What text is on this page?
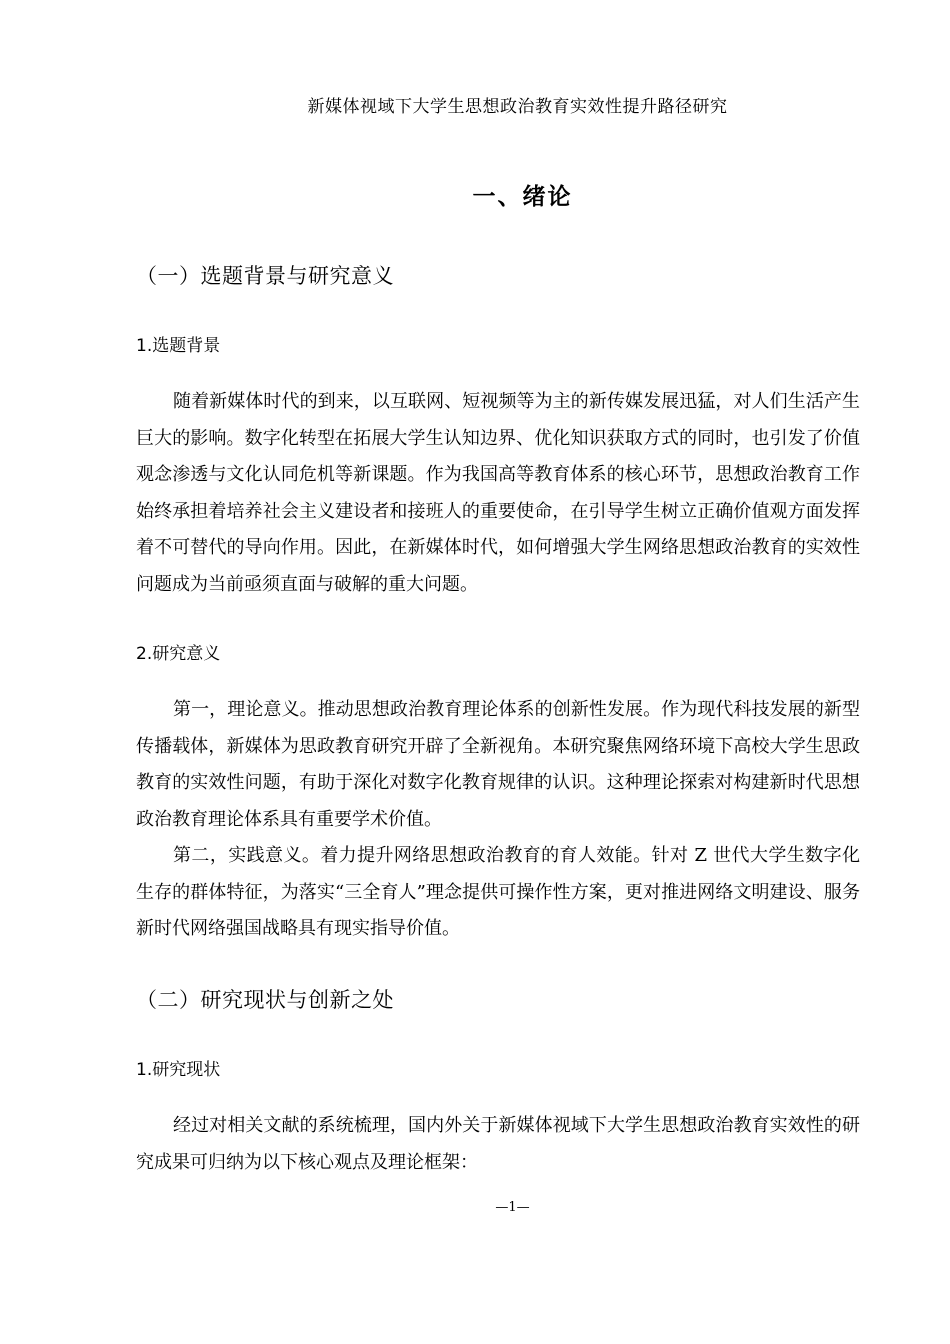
新媒体视域下大学生思想政治教育实效性提升路径研究
一、绪论
（一）选题背景与研究意义
1.选题背景

随着新媒体时代的到来，以互联网、短视频等为主的新传媒发展迅猛，对人们生活产生巨大的影响。数字化转型在拓展大学生认知边界、优化知识获取方式的同时，也引发了价值观念渗透与文化认同危机等新课题。作为我国高等教育体系的核心环节，思想政治教育工作始终承担着培养社会主义建设者和接班人的重要使命，在引导学生树立正确价值观方面发挥着不可替代的导向作用。因此，在新媒体时代，如何增强大学生网络思想政治教育的实效性问题成为当前亟须直面与破解的重大问题。

2.研究意义

第一，理论意义。推动思想政治教育理论体系的创新性发展。作为现代科技发展的新型传播载体，新媒体为思政教育研究开辟了全新视角。本研究聚焦网络环境下高校大学生思政教育的实效性问题，有助于深化对数字化教育规律的认识。这种理论探索对构建新时代思想政治教育理论体系具有重要学术价值。

第二，实践意义。着力提升网络思想政治教育的育人效能。针对 Z 世代大学生数字化生存的群体特征，为落实“三全育人”理念提供可操作性方案，更对推进网络文明建设、服务新时代网络强国战略具有现实指导价值。

（二）研究现状与创新之处
1.研究现状

经过对相关文献的系统梳理，国内外关于新媒体视域下大学生思想政治教育实效性的研究成果可归纳为以下核心观点及理论框架：

—1—
